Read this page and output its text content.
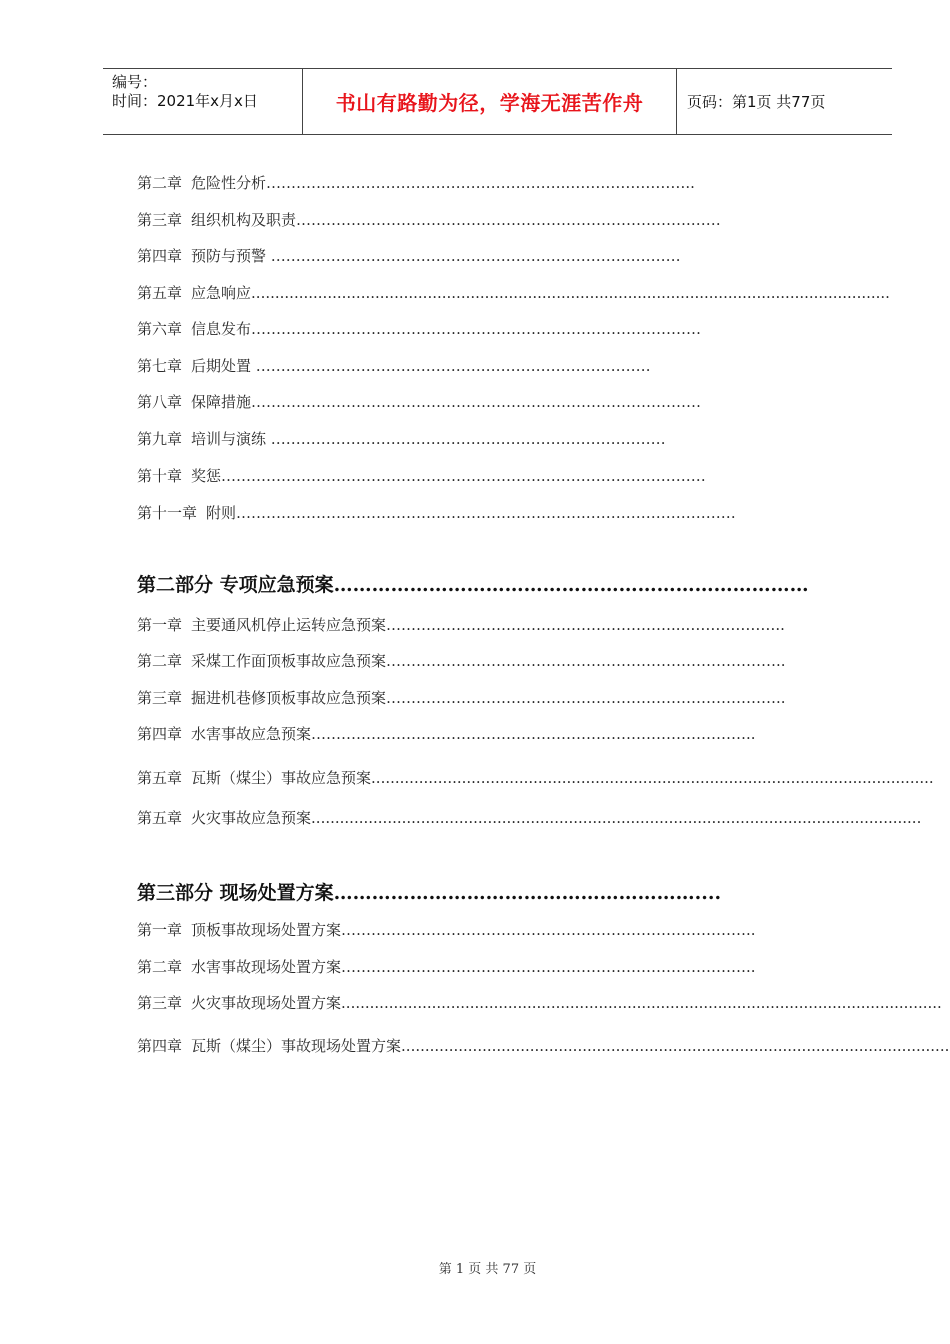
编号：
时间：2021年x月x日	书山有路勤为径，学海无涯苦作舟	页码：第1页 共77页
第二章 危险性分析…………..……………………………………….……………………..
第三章 组织机构及职责…………………………………………………………………….……
第四章 预防与预警 ……………………………………………………………….………
第五章 应急响应......................................................................................................................................
第六章 信息发布………………………………………………………………………………
第七章 后期处置 ……………………………………….……………………………
第八章 保障措施………………………………………………………………………………
第九章 培训与演练 ……………………………………….……………………………
第十章 奖惩……………………………………………………….……………………………
第十一章 附则…………………………………………………………….…………………………
第二部分 专项应急预案…………………………………………………………………
第一章 主要通风机停止运转应急预案…………………………………………………...………………..
第二章 采煤工作面顶板事故应急预案……………………………………………………………………..
第三章 掘进机巷修顶板事故应急预案……………………………………………………………………..
第四章 水害事故应急预案……………………………………………………………………………..
第五章 瓦斯（煤尘）事故应急预案......................................................................................................................
第五章 火灾事故应急预案................................................................................................................................
第三部分 现场处置方案…………………………………………………....
第一章 顶板事故现场处置方案………………………………………………………………………..
第二章 水害事故现场处置方案………………………………………………………………………..
第三章 火灾事故现场处置方案..............................................................................................................................
第四章 瓦斯（煤尘）事故现场处置方案...................................................................................................................
第 1 页 共 77 页
